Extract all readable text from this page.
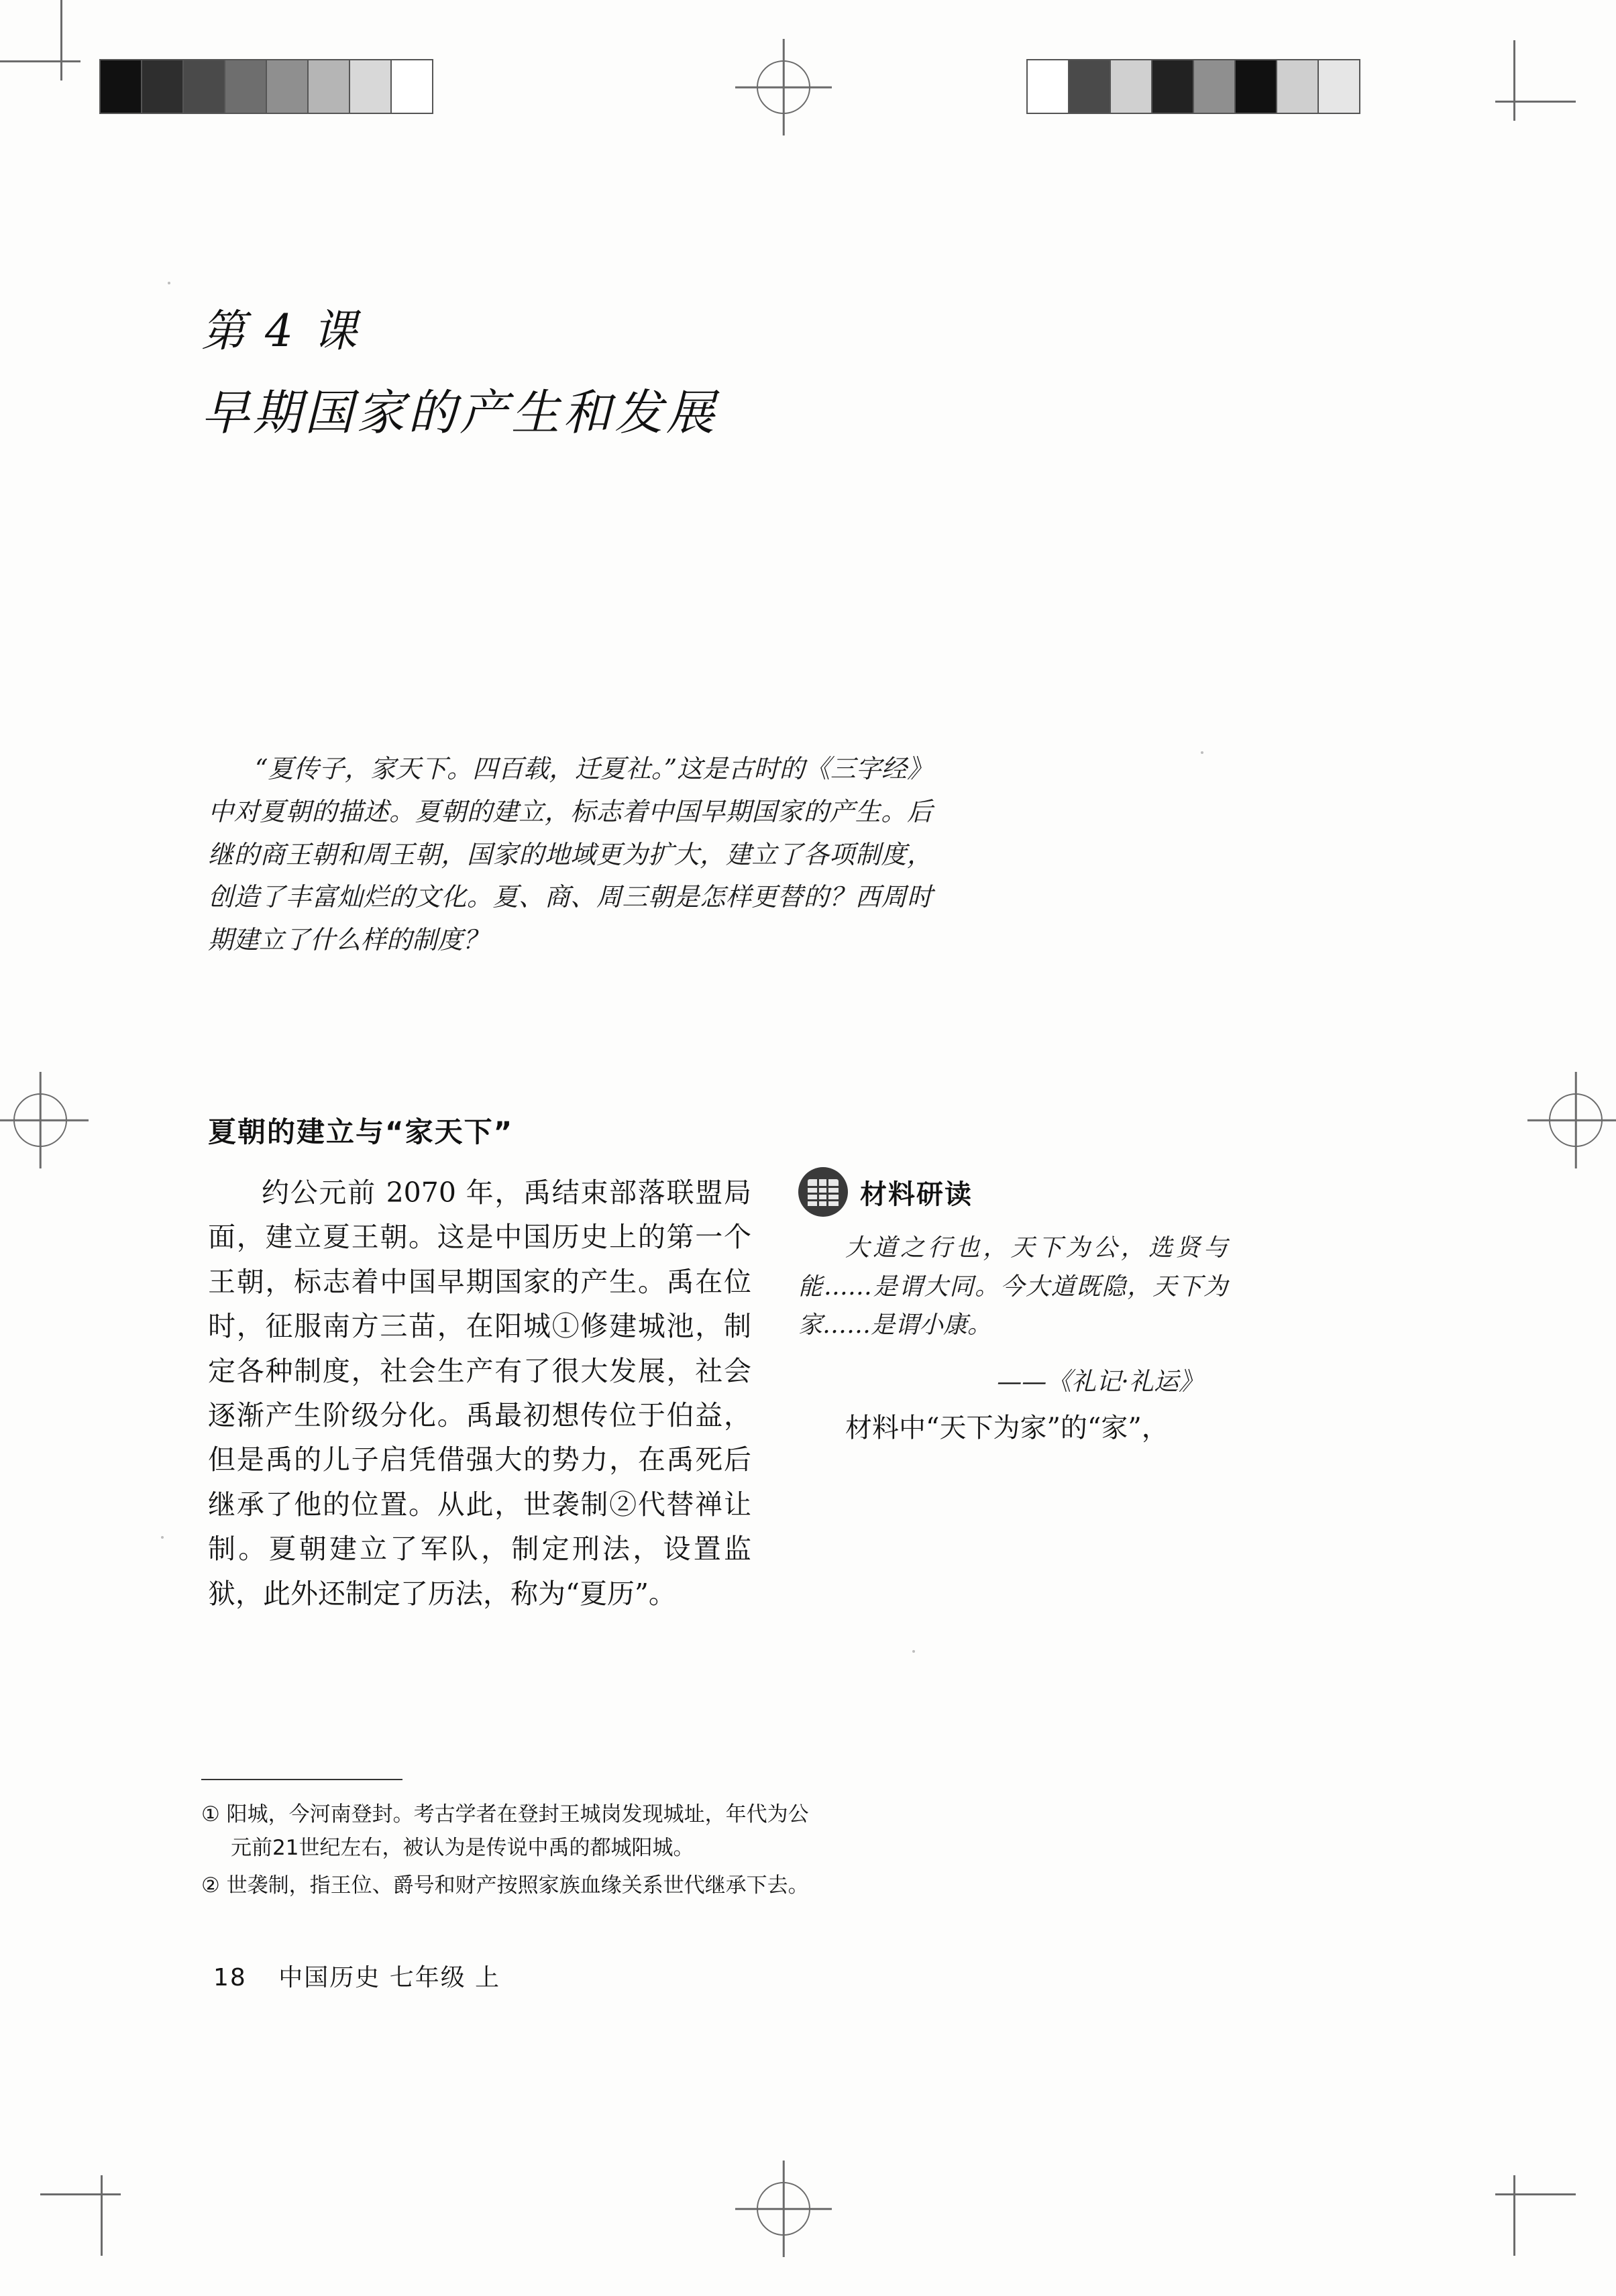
第 4 课
早期国家的产生和发展

“夏传子，家天下。四百载，迁夏社。”这是古时的《三字经》中对夏朝的描述。夏朝的建立，标志着中国早期国家的产生。后继的商王朝和周王朝，国家的地域更为扩大，建立了各项制度，创造了丰富灿烂的文化。夏、商、周三朝是怎样更替的？西周时期建立了什么样的制度？

夏朝的建立与“家天下”

约公元前 2070 年，禹结束部落联盟局面，建立夏王朝。这是中国历史上的第一个王朝，标志着中国早期国家的产生。禹在位时，征服南方三苗，在阳城①修建城池，制定各种制度，社会生产有了很大发展，社会逐渐产生阶级分化。禹最初想传位于伯益，但是禹的儿子启凭借强大的势力，在禹死后继承了他的位置。从此，世袭制②代替禅让制。夏朝建立了军队，制定刑法，设置监狱，此外还制定了历法，称为“夏历”。

材料研读

大道之行也，天下为公，选贤与能……是谓大同。今大道既隐，天下为家……是谓小康。

——《礼记·礼运》
材料中“天下为家”的“家”，
① 阳城，今河南登封。考古学者在登封王城岗发现城址，年代为公
元前21世纪左右，被认为是传说中禹的都城阳城。
② 世袭制，指王位、爵号和财产按照家族血缘关系世代继承下去。
18 中国历史 七年级 上
